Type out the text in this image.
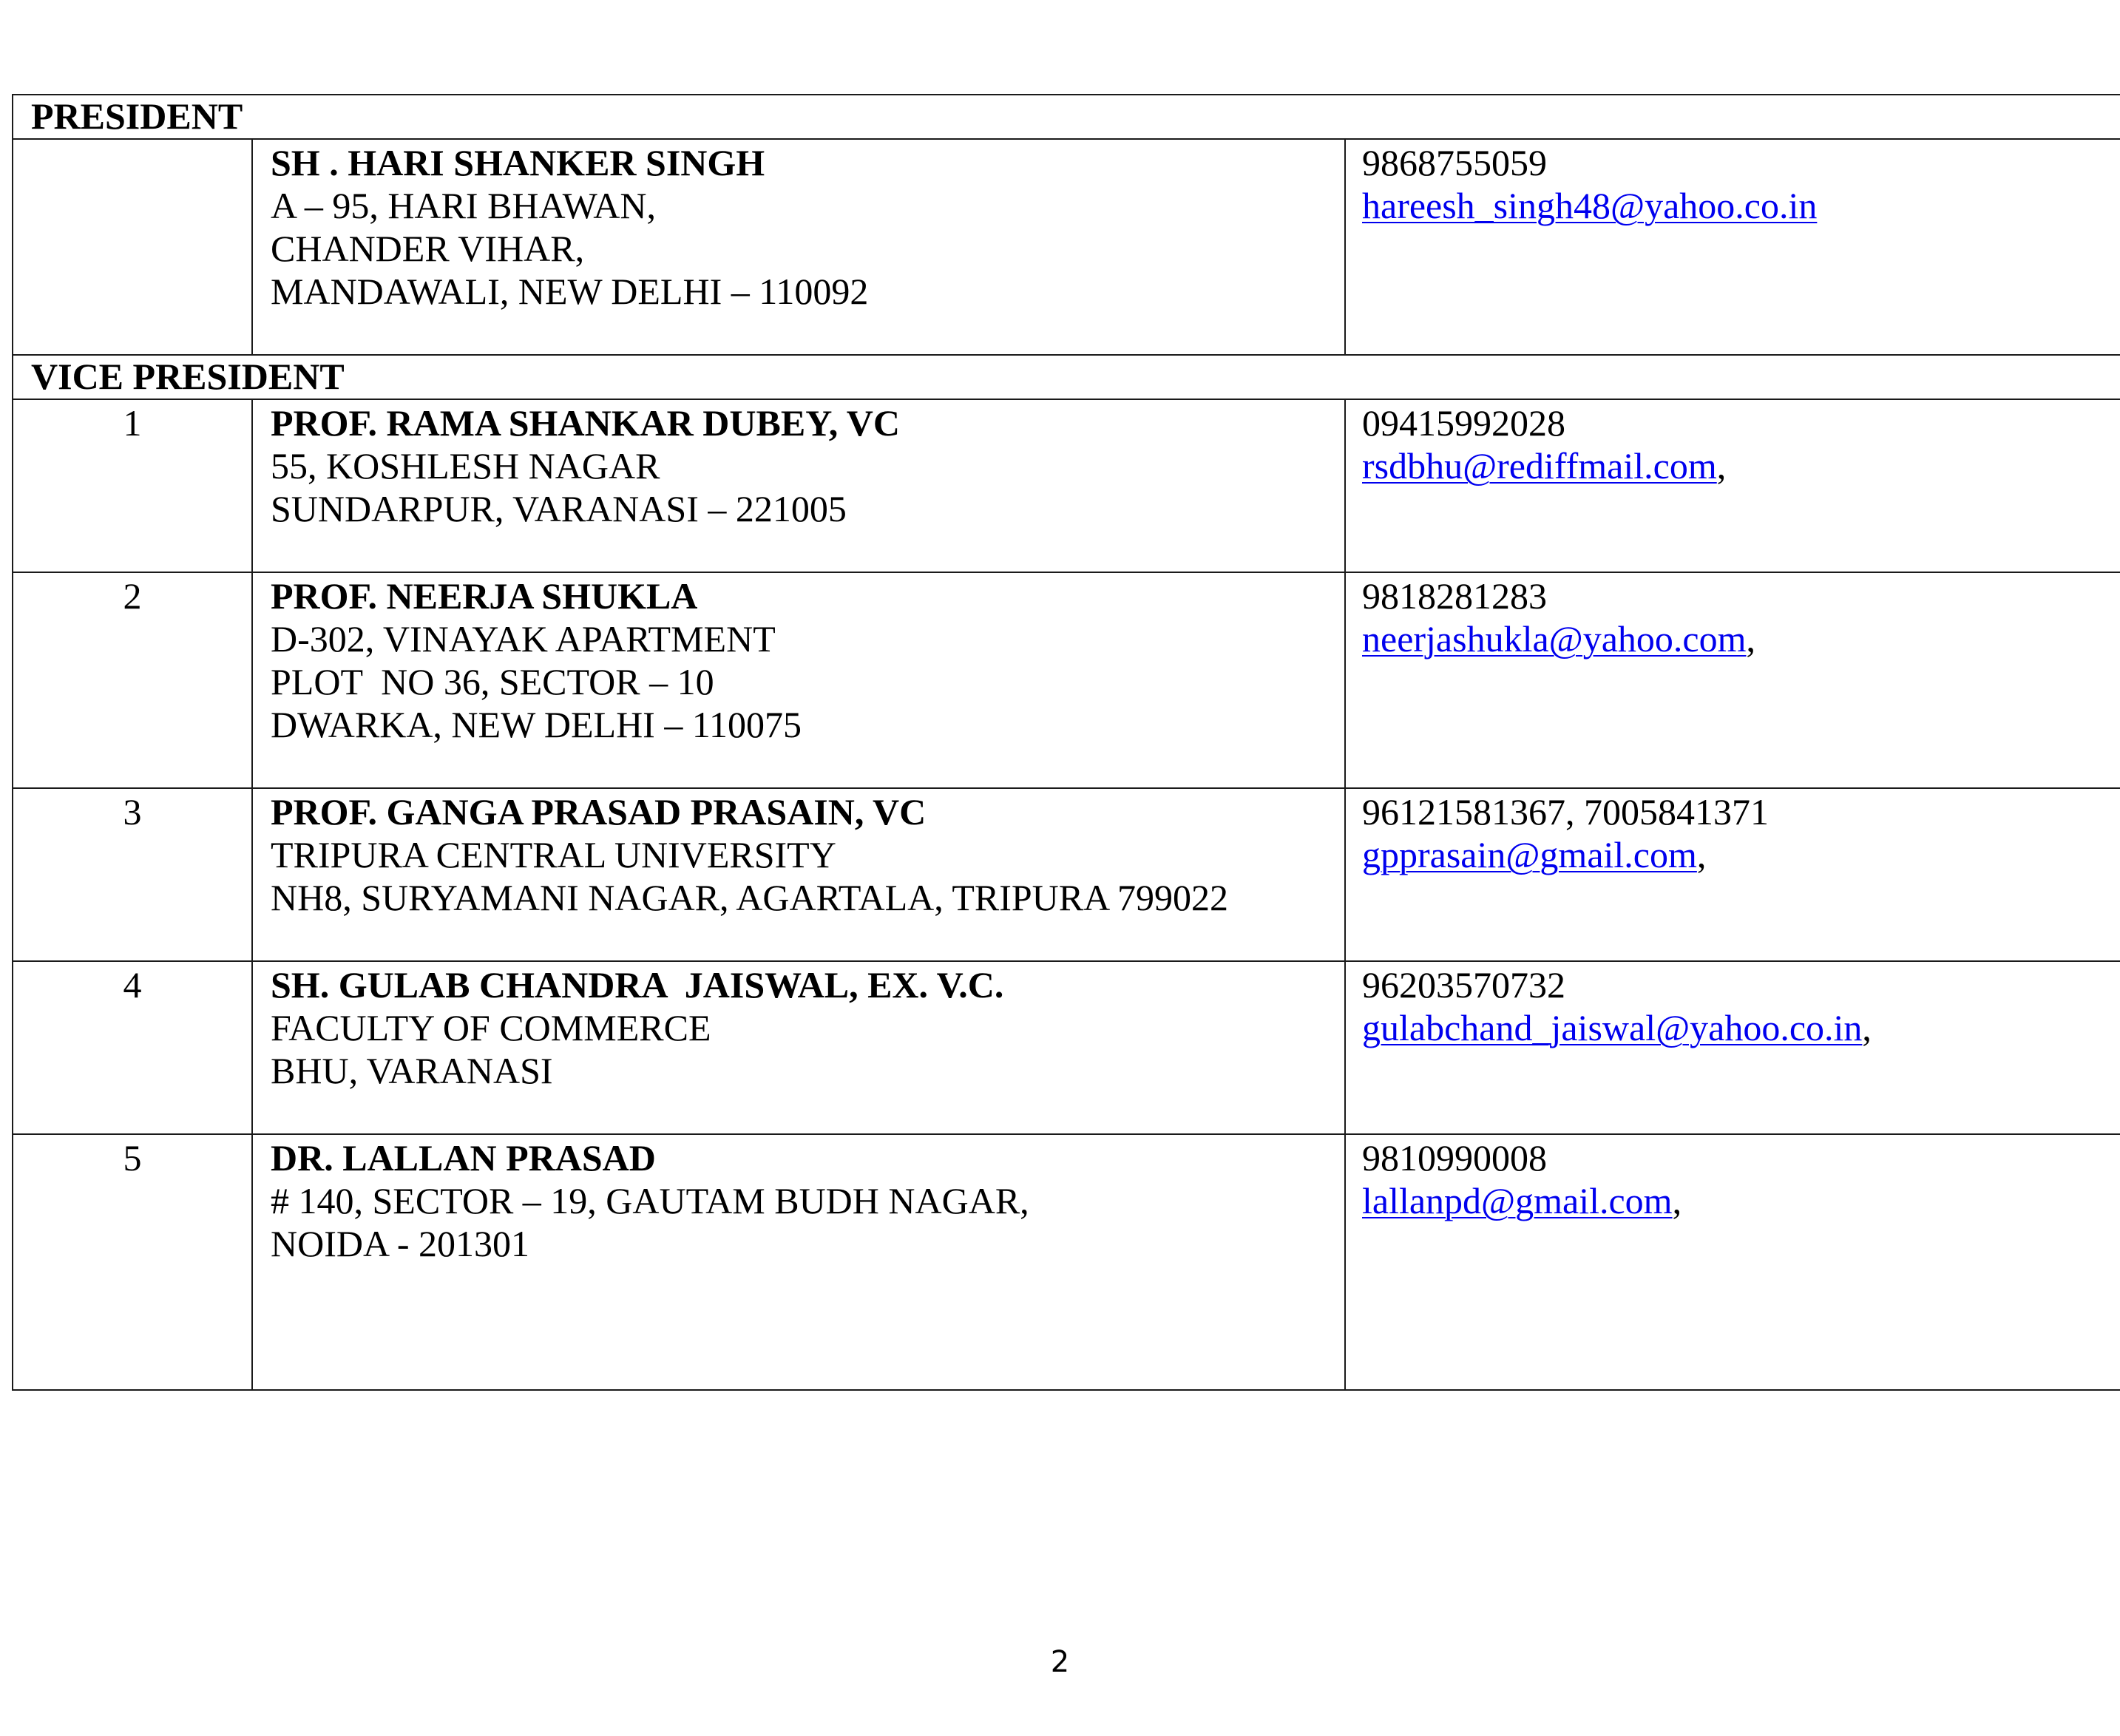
PRESIDENT		

	SH . HARI SHANKER SINGH
A – 95, HARI BHAWAN,
CHANDER VIHAR,
MANDAWALI, NEW DELHI – 110092	9868755059
hareesh_singh48@yahoo.co.in

VICE PRESIDENT		
1	PROF. RAMA SHANKAR DUBEY, VC
55, KOSHLESH NAGAR
SUNDARPUR, VARANASI – 221005	09415992028
rsdbhu@rediffmail.com,

2	PROF. NEERJA SHUKLA
D-302, VINAYAK APARTMENT
PLOT  NO 36, SECTOR – 10
DWARKA, NEW DELHI – 110075	9818281283
neerjashukla@yahoo.com,

3	PROF. GANGA PRASAD PRASAIN, VC
TRIPURA CENTRAL UNIVERSITY
NH8, SURYAMANI NAGAR, AGARTALA, TRIPURA 799022	96121581367, 7005841371
gpprasain@gmail.com,

4	SH. GULAB CHANDRA  JAISWAL, EX. V.C.
FACULTY OF COMMERCE
BHU, VARANASI	96203570732
gulabchand_jaiswal@yahoo.co.in,

5	DR. LALLAN PRASAD
# 140, SECTOR – 19, GAUTAM BUDH NAGAR,
NOIDA - 201301	9810990008
lallanpd@gmail.com,
2
